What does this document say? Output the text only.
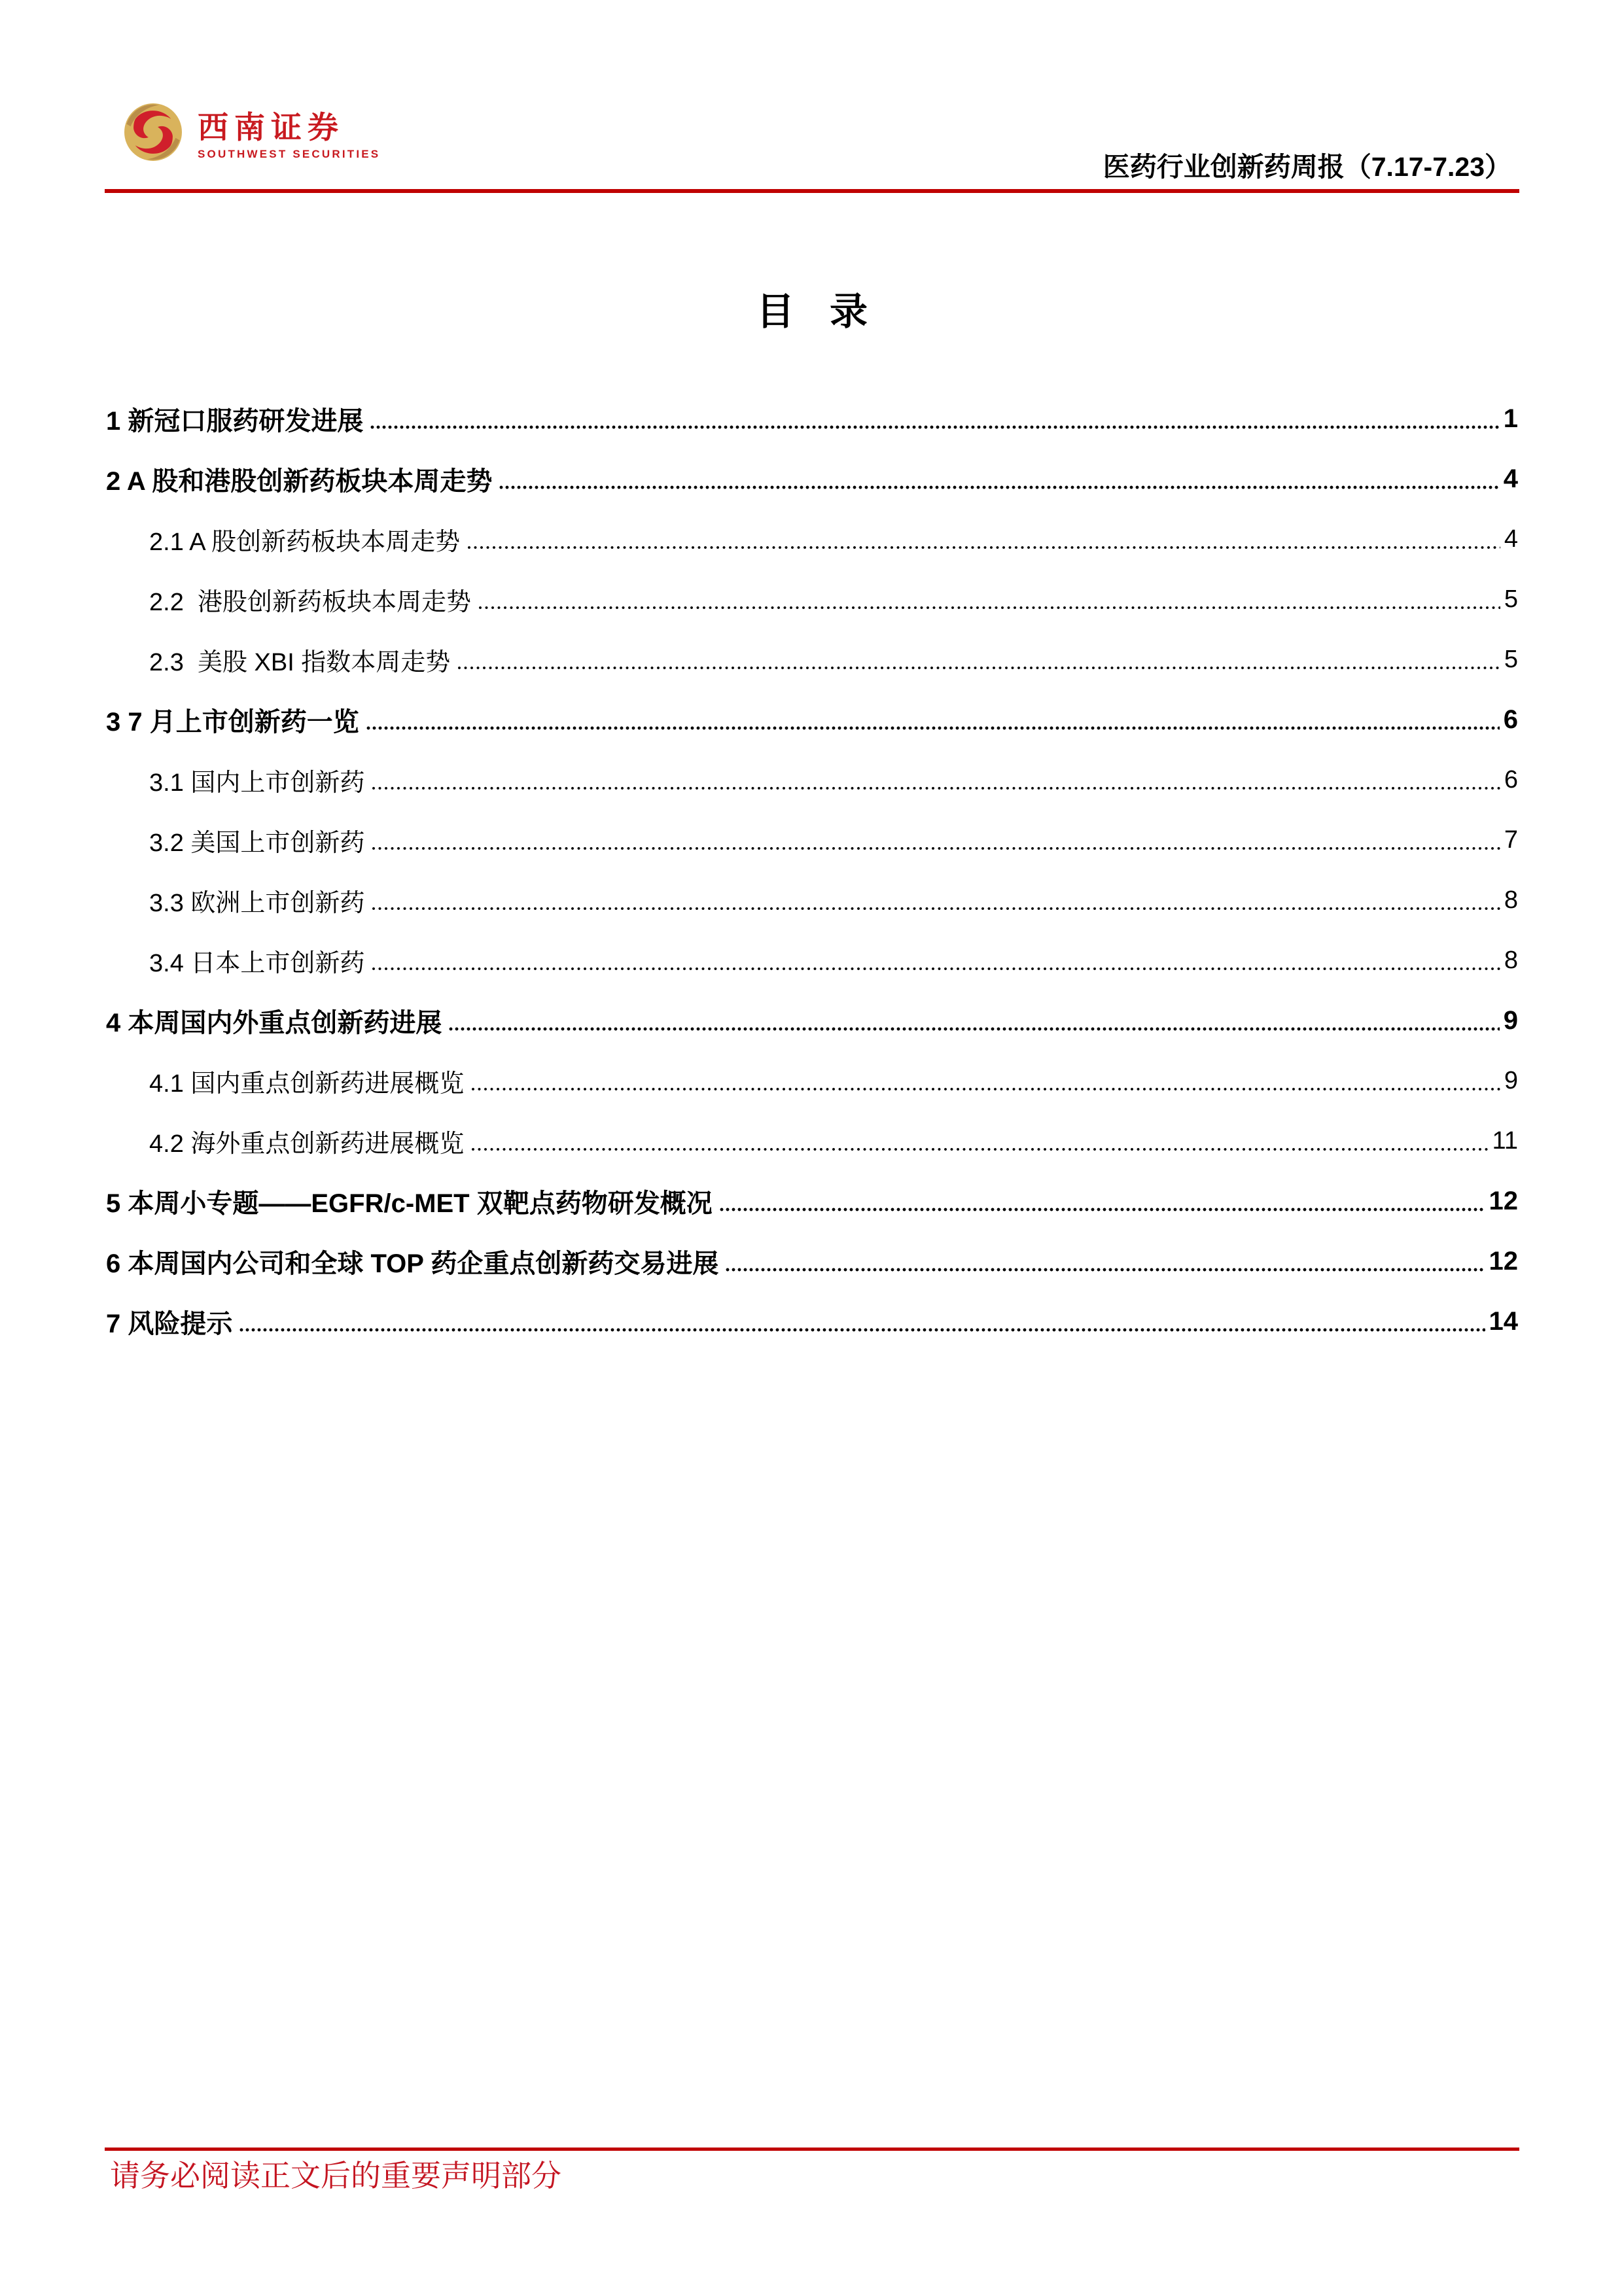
西南证券
SOUTHWEST SECURITIES	医药行业创新药周报（7.17-7.23）
目 录
1 新冠口服药研发进展	1
2 A 股和港股创新药板块本周走势	4
2.1 A 股创新药板块本周走势	4
2.2  港股创新药板块本周走势	5
2.3  美股 XBI 指数本周走势	5
3 7 月上市创新药一览	6
3.1 国内上市创新药	6
3.2 美国上市创新药	7
3.3 欧洲上市创新药	8
3.4 日本上市创新药	8
4 本周国内外重点创新药进展	9
4.1 国内重点创新药进展概览	9
4.2 海外重点创新药进展概览	11
5 本周小专题——EGFR/c-MET 双靶点药物研发概况	12
6 本周国内公司和全球 TOP 药企重点创新药交易进展	12
7 风险提示	14
请务必阅读正文后的重要声明部分
